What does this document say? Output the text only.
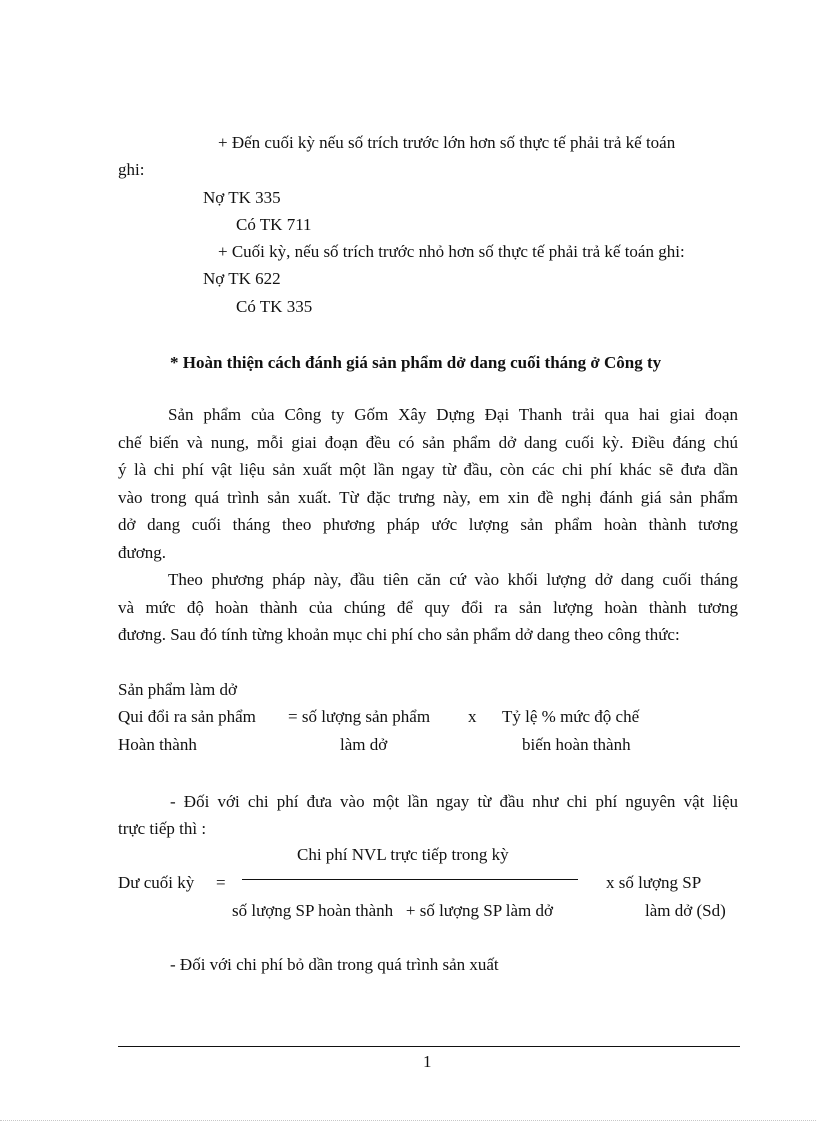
+ Đến cuối kỳ nếu số trích trước lớn hơn số thực tế phải trả kế toán
ghi:
Nợ TK 335
Có TK 711
+ Cuối kỳ, nếu số trích trước nhỏ hơn số thực tế phải trả kế toán ghi:
Nợ TK 622
Có TK 335
* Hoàn thiện cách đánh giá sản phẩm dở dang cuối tháng ở Công ty
Sản phẩm của Công ty Gốm Xây Dựng Đại Thanh trải qua hai giai đoạn
chế biến và nung, mỗi giai đoạn đều có sản phẩm dở dang cuối kỳ. Điều đáng chú
ý là chi phí vật liệu sản xuất một lần ngay từ đầu, còn các chi phí khác sẽ đưa dần
vào trong quá trình sản xuất. Từ đặc trưng này, em xin đề nghị đánh giá sản phẩm
dở dang cuối tháng theo phương pháp ước lượng sản phẩm hoàn thành tương
đương.
Theo phương pháp này, đầu tiên căn cứ vào khối lượng dở dang cuối tháng
và mức độ hoàn thành của chúng để quy đổi ra sản lượng hoàn thành tương
đương. Sau đó tính từng khoản mục chi phí cho sản phẩm dở dang theo công thức:
Sản phẩm làm dở
Qui đổi ra sản phẩm
Hoàn thành
= số lượng sản phẩm
làm dở
x Tỷ lệ % mức độ chế
biến hoàn thành
- Đối với chi phí đưa vào một lần ngay từ đầu như chi phí nguyên vật liệu
trực tiếp thì :
Chi phí NVL trực tiếp trong kỳ
Dư cuối kỳ =
số lượng SP hoàn thành   + số lượng SP làm dở
x số lượng SP
làm dở (Sd)
- Đối với chi phí bỏ dần trong quá trình sản xuất
1
